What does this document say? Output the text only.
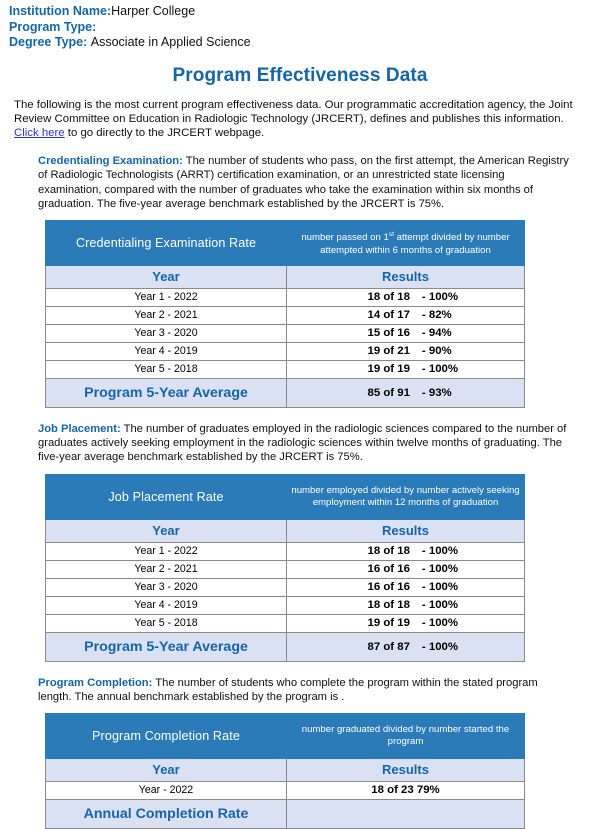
Institution Name:Harper College
Program Type:
Degree Type: Associate in Applied Science
Program Effectiveness Data

The following is the most current program effectiveness data. Our programmatic accreditation agency, the Joint Review Committee on Education in Radiologic Technology (JRCERT), defines and publishes this information. Click here to go directly to the JRCERT webpage.

Credentialing Examination: The number of students who pass, on the first attempt, the American Registry of Radiologic Technologists (ARRT) certification examination, or an unrestricted state licensing examination, compared with the number of graduates who take the examination within six months of graduation. The five-year average benchmark established by the JRCERT is 75%.

Credentialing Examination Rate	number passed on 1st attempt divided by number attempted within 6 months of graduation
Year	Results
Year 1 - 2022	18 of 18 - 100%
Year 2 - 2021	14 of 17 - 82%
Year 3 - 2020	15 of 16 - 94%
Year 4 - 2019	19 of 21 - 90%
Year 5 - 2018	19 of 19 - 100%
Program 5-Year Average	85 of 91 - 93%

Job Placement: The number of graduates employed in the radiologic sciences compared to the number of graduates actively seeking employment in the radiologic sciences within twelve months of graduating. The five-year average benchmark established by the JRCERT is 75%.

Job Placement Rate	number employed divided by number actively seeking employment within 12 months of graduation
Year	Results
Year 1 - 2022	18 of 18 - 100%
Year 2 - 2021	16 of 16 - 100%
Year 3 - 2020	16 of 16 - 100%
Year 4 - 2019	18 of 18 - 100%
Year 5 - 2018	19 of 19 - 100%
Program 5-Year Average	87 of 87 - 100%

Program Completion: The number of students who complete the program within the stated program length. The annual benchmark established by the program is .

Program Completion Rate	number graduated divided by number started the program
Year	Results
Year - 2022	18 of 23 79%
Annual Completion Rate	
